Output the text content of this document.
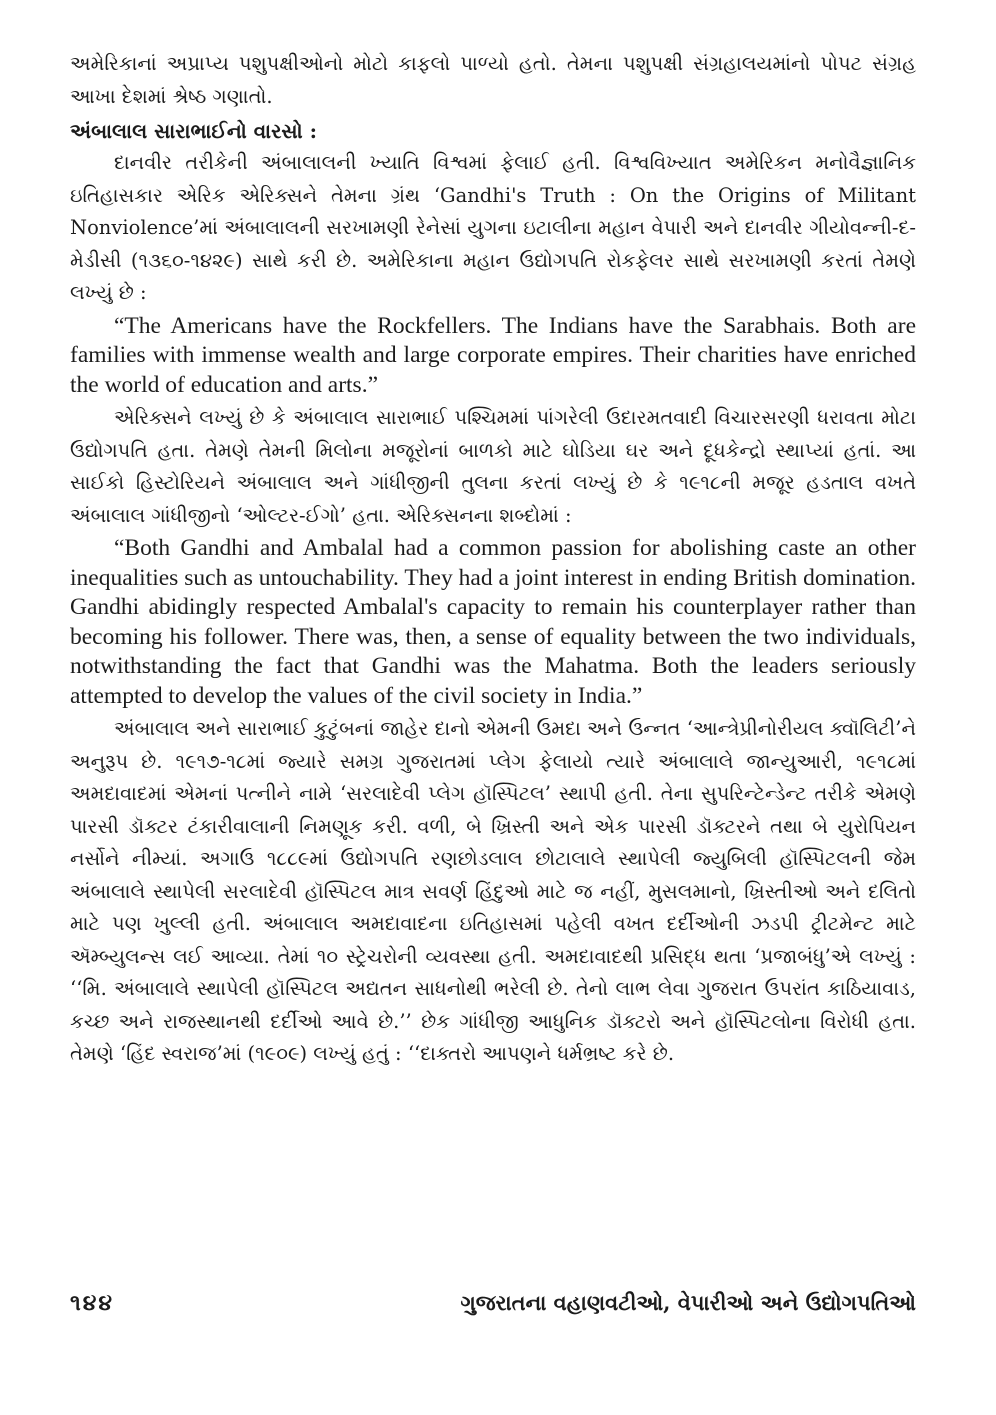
અમેરિકાનાં અપ્રાપ્ય પશુપક્ષીઓનો મોટો કાફલો પાળ્યો હતો. તેમના પશુપક્ષી સંગ્રહાલયમાંનો પોપટ સંગ્રહ આખા દેશમાં શ્રેષ્ઠ ગણાતો.

અંબાલાલ સારાભાઈનો વારસો :

દાનવીર તરીકેની અંબાલાલની ખ્યાતિ વિશ્વમાં ફેલાઈ હતી. વિશ્વવિખ્યાત અમેરિકન મનોવૈજ્ઞાનિક ઇતિહાસકાર એરિક એરિક્સને તેમના ગ્રંથ ‘Gandhi's Truth : On the Origins of Militant Nonviolence’માં અંબાલાલની સરખામણી રેનેસાં યુગના ઇટાલીના મહાન વેપારી અને દાનવીર ગીયોવન્ની-દ-મેડીસી (૧૩૬૦-૧૪૨૯) સાથે કરી છે. અમેરિકાના મહાન ઉદ્યોગપતિ રોકફેલર સાથે સરખામણી કરતાં તેમણે લખ્યું છે :

“The Americans have the Rockfellers. The Indians have the Sarabhais. Both are families with immense wealth and large corporate empires. Their charities have enriched the world of education and arts.”

એરિક્સને લખ્યું છે કે અંબાલાલ સારાભાઈ પશ્ચિમમાં પાંગરેલી ઉદારમતવાદી વિચારસરણી ધરાવતા મોટા ઉદ્યોગપતિ હતા. તેમણે તેમની મિલોના મજૂરોનાં બાળકો માટે ઘોડિયા ઘર અને દૂધકેન્દ્રો સ્થાપ્યાં હતાં. આ સાઈકો હિસ્ટોરિયને અંબાલાલ અને ગાંધીજીની તુલના કરતાં લખ્યું છે કે ૧૯૧૮ની મજૂર હડતાલ વખતે અંબાલાલ ગાંધીજીનો ‘ઓલ્ટર-ઈગો’ હતા. એરિક્સનના શબ્દોમાં :

“Both Gandhi and Ambalal had a common passion for abolishing caste an other inequalities such as untouchability. They had a joint interest in ending British domination. Gandhi abidingly respected Ambalal's capacity to remain his counterplayer rather than becoming his follower. There was, then, a sense of equality between the two individuals, notwithstanding the fact that Gandhi was the Mahatma. Both the leaders seriously attempted to develop the values of the civil society in India.”

અંબાલાલ અને સારાભાઈ કુટુંબનાં જાહેર દાનો એમની ઉમદા અને ઉન્નત ‘આન્ત્રેપ્રીનોરીયલ ક્વૉલિટી’ને અનુરૂપ છે. ૧૯૧૭-૧૮માં જ્યારે સમગ્ર ગુજરાતમાં પ્લેગ ફેલાયો ત્યારે અંબાલાલે જાન્યુઆરી, ૧૯૧૮માં અમદાવાદમાં એમનાં પત્નીને નામે ‘સરલાદેવી પ્લેગ હૉસ્પિટલ’ સ્થાપી હતી. તેના સુપરિન્ટેન્ડેન્ટ તરીકે એમણે પારસી ડૉક્ટર ટંકારીવાલાની નિમણૂક કરી. વળી, બે ખ્રિસ્તી અને એક પારસી ડૉક્ટરને તથા બે યુરોપિયન નર્સોને નીમ્યાં. અગાઉ ૧૮૮૯માં ઉદ્યોગપતિ રણછોડલાલ છોટાલાલે સ્થાપેલી જ્યુબિલી હૉસ્પિટલની જેમ અંબાલાલે સ્થાપેલી સરલાદેવી હૉસ્પિટલ માત્ર સવર્ણ હિંદુઓ માટે જ નહીં, મુસલમાનો, ખ્રિસ્તીઓ અને દલિતો માટે પણ ખુલ્લી હતી. અંબાલાલ અમદાવાદના ઇતિહાસમાં પહેલી વખત દર્દીઓની ઝડપી ટ્રીટમેન્ટ માટે ઍમ્બ્યુલન્સ લઈ આવ્યા. તેમાં ૧૦ સ્ટ્રેચરોની વ્યવસ્થા હતી. અમદાવાદથી પ્રસિદ્ધ થતા ‘પ્રજાબંધુ’એ લખ્યું : ‘‘મિ. અંબાલાલે સ્થાપેલી હૉસ્પિટલ અદ્યતન સાધનોથી ભરેલી છે. તેનો લાભ લેવા ગુજરાત ઉપરાંત કાઠિયાવાડ, કચ્છ અને રાજસ્થાનથી દર્દીઓ આવે છે.’’ છેક ગાંધીજી આધુનિક ડૉક્ટરો અને હૉસ્પિટલોના વિરોધી હતા. તેમણે ‘હિંદ સ્વરાજ’માં (૧૯૦૯) લખ્યું હતું : ‘‘દાક્તરો આપણને ધર્મભ્રષ્ટ કરે છે.

૧૪૪	ગુજરાતના વહાણવટીઓ, વેપારીઓ અને ઉદ્યોગપતિઓ
